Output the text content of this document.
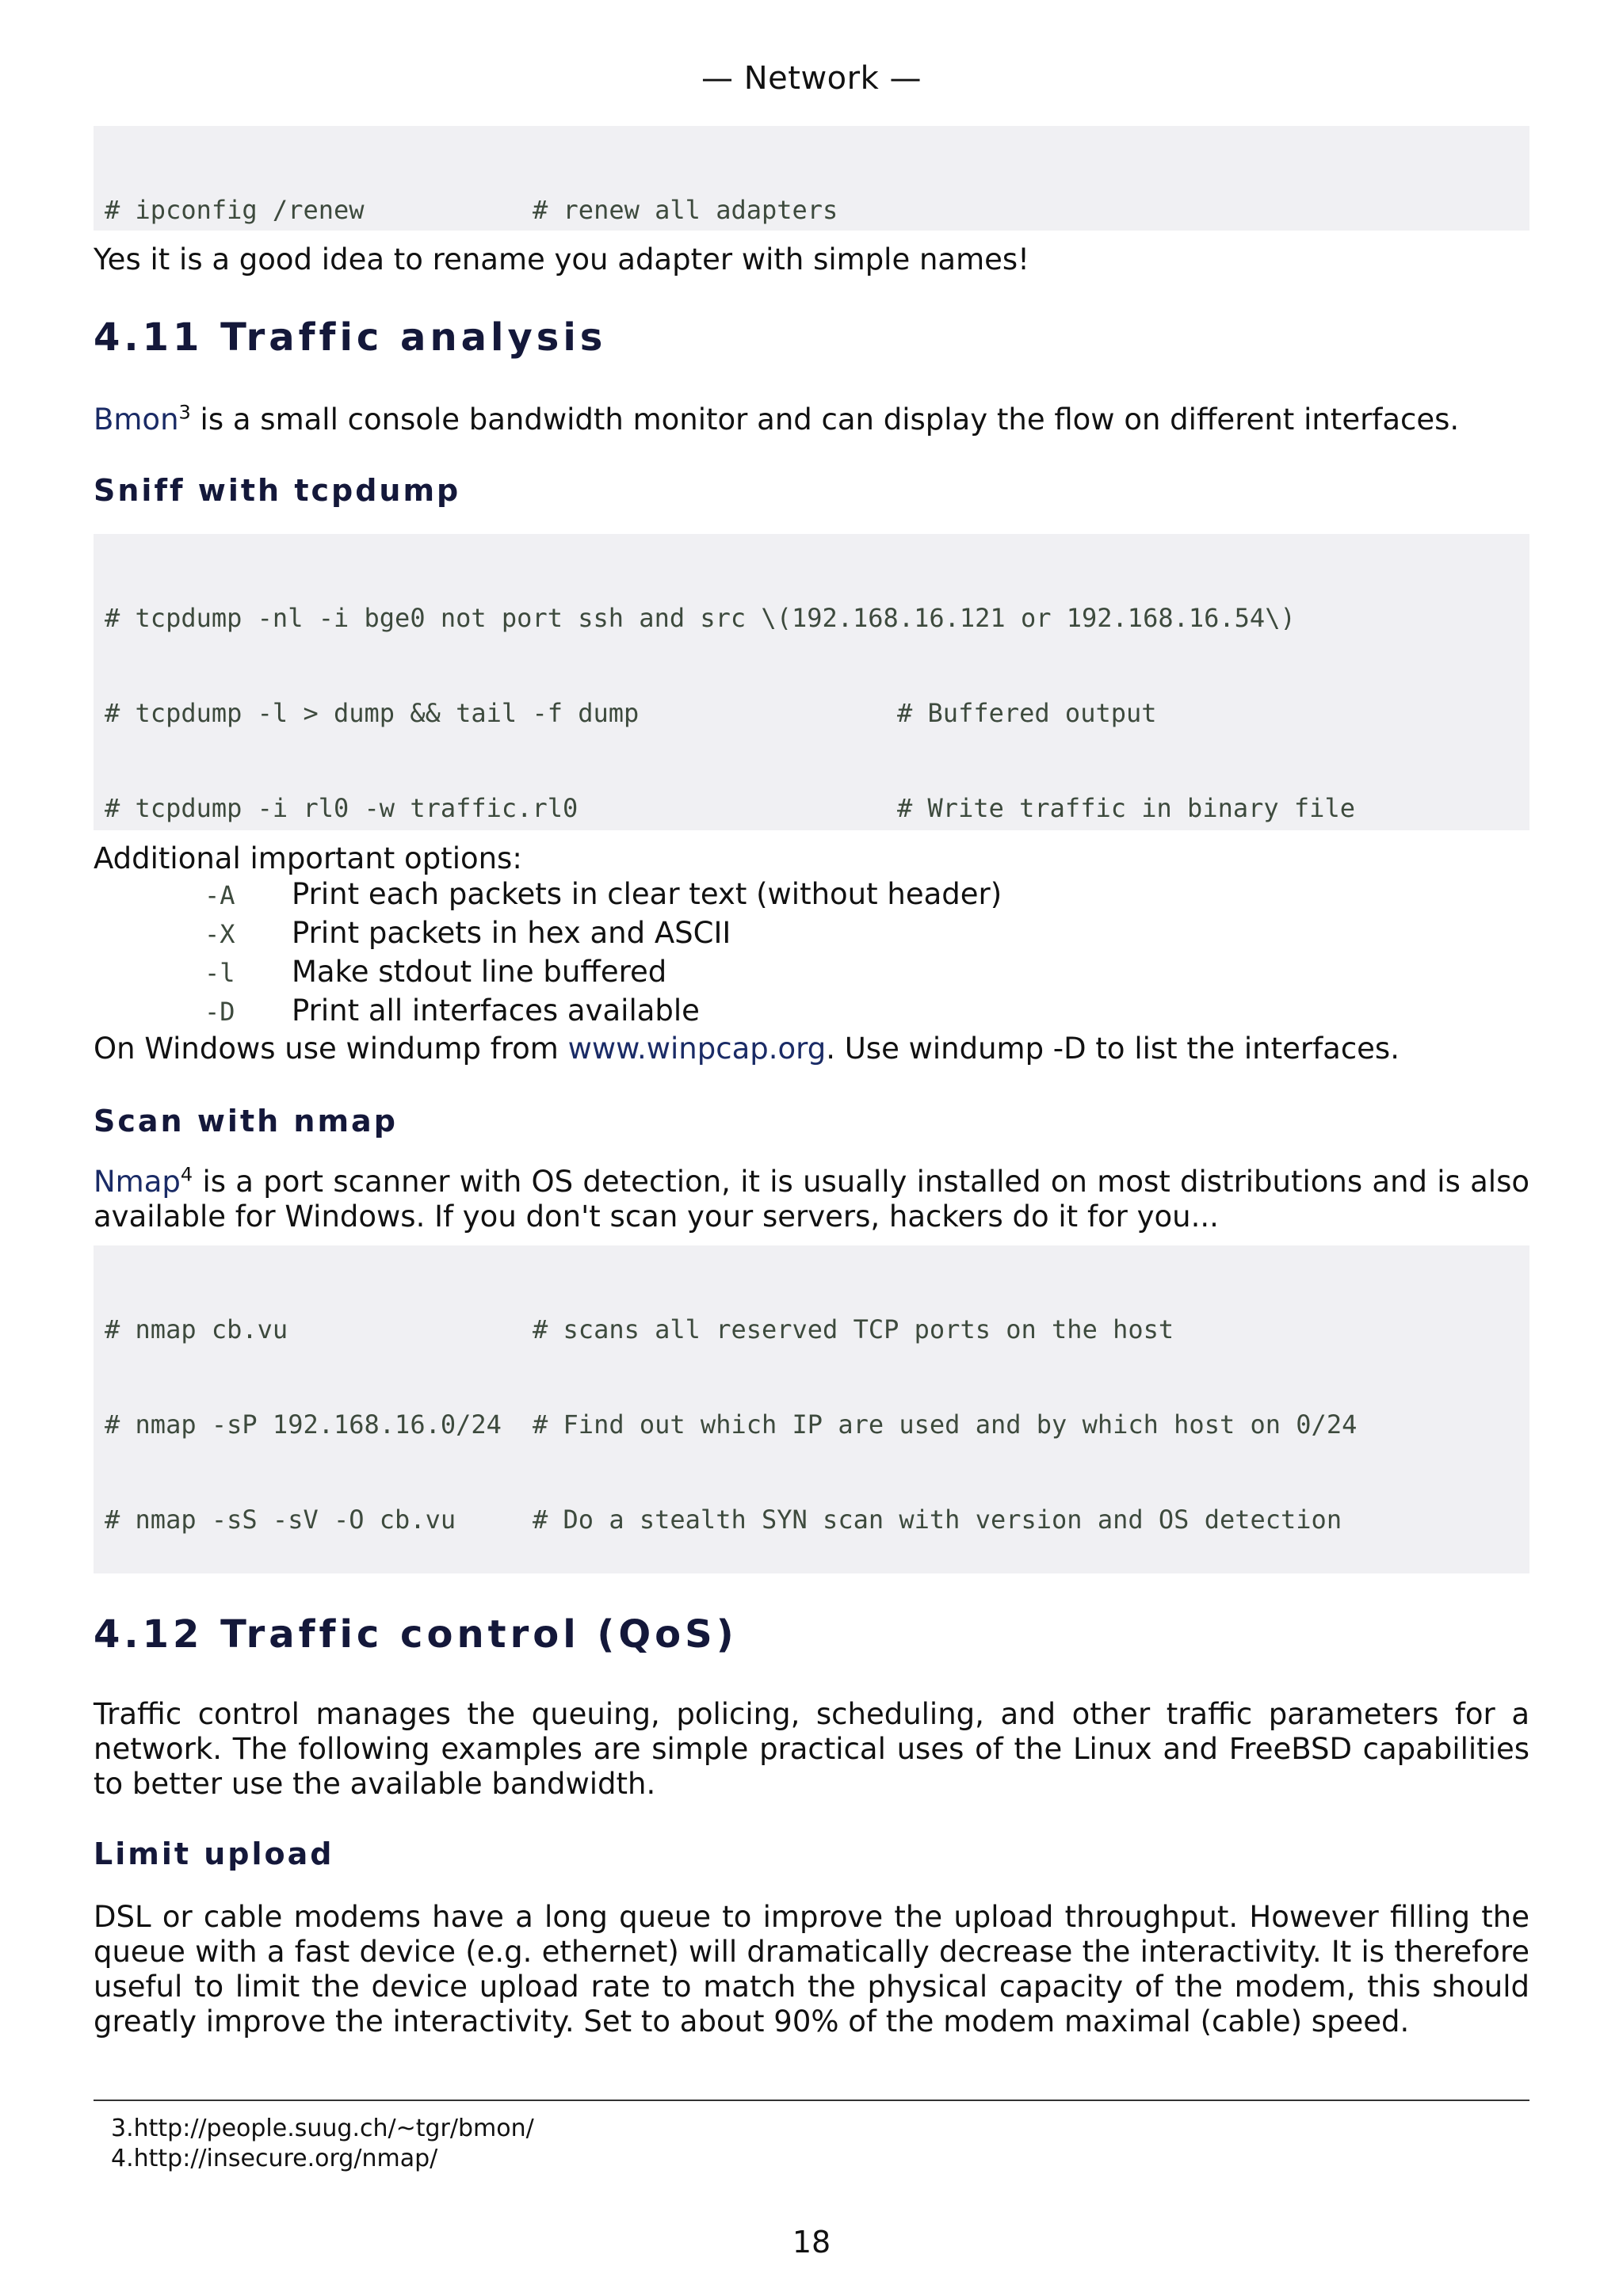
— Network —

# ipconfig /renew	# renew all adapters

Yes it is a good idea to rename you adapter with simple names!
4.11 Traffic analysis
Bmon$^3$ is a small console bandwidth monitor and can display the flow on different interfaces.
Sniff with tcpdump

# tcpdump -nl -i bge0 not port ssh and src \(192.168.16.121 or 192.168.16.54\)

# tcpdump -l > dump && tail -f dump	# Buffered output

# tcpdump -i rl0 -w traffic.rl0	# Write traffic in binary file

Additional important options:
-A	Print each packets in clear text (without header)
-X	Print packets in hex and ASCII
-l	Make stdout line buffered
-D	Print all interfaces available
On Windows use windump from www.winpcap.org. Use windump -D to list the interfaces.
Scan with nmap
Nmap$^4$ is a port scanner with OS detection, it is usually installed on most distributions and is also available for Windows. If you don't scan your servers, hackers do it for you...

# nmap cb.vu	# scans all reserved TCP ports on the host

# nmap -sP 192.168.16.0/24 # Find out which IP are used and by which host on 0/24

# nmap -sS -sV -O cb.vu	# Do a stealth SYN scan with version and OS detection

4.12 Traffic control (QoS)
Traffic control manages the queuing, policing, scheduling, and other traffic parameters for a network. The following examples are simple practical uses of the Linux and FreeBSD capabilities to better use the available bandwidth.
Limit upload
DSL or cable modems have a long queue to improve the upload throughput. However filling the queue with a fast device (e.g. ethernet) will dramatically decrease the interactivity. It is therefore useful to limit the device upload rate to match the physical capacity of the modem, this should greatly improve the interactivity. Set to about 90% of the modem maximal (cable) speed.
3.http://people.suug.ch/~tgr/bmon/
4.http://insecure.org/nmap/
18
